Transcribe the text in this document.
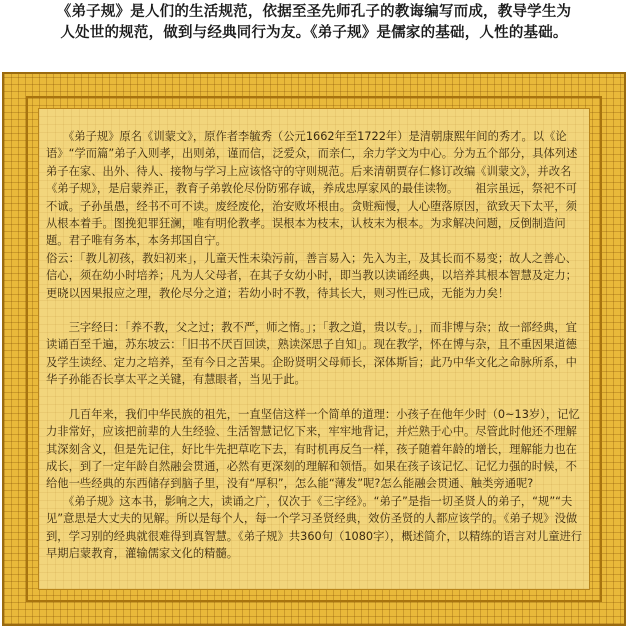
《弟子规》是人们的生活规范，依据至圣先师孔子的教诲编写而成，教导学生为
人处世的规范，做到与经典同行为友。《弟子规》是儒家的基础，人性的基础。

　　《弟子规》原名《训蒙文》，原作者李毓秀（公元1662年至1722年）是清朝康熙年间的秀才。以《论语》“学而篇”弟子入则孝，出则弟，谨而信，泛爱众，而亲仁，余力学文为中心。分为五个部分，具体列述弟子在家、出外、待人、接物与学习上应该恪守的守则规范。后来清朝贾存仁修订改编《训蒙文》，并改名《弟子规》，是启蒙养正，教育子弟敦伦尽份防邪存诚，养成忠厚家风的最佳读物。　　祖宗虽远，祭祀不可不诚。子孙虽愚，经书不可不读。废经废伦，治安败坏根由。贪赃痴慢，人心堕落原因，欲致天下太平，须从根本着手。图挽犯罪狂澜，唯有明伦教孝。误根本为枝末，认枝末为根本。为求解决问题，反倒制造问题。君子唯有务本，本务邦国自宁。

俗云：「教儿初孩，教妇初来」，儿童天性未染污前，善言易入；先入为主，及其长而不易变；故人之善心、信心，须在幼小时培养；凡为人父母者，在其子女幼小时，即当教以读诵经典，以培养其根本智慧及定力；更晓以因果报应之理，教伦尽分之道；若幼小时不教，待其长大，则习性已成，无能为力矣！

　　三字经曰：「养不教，父之过；教不严，师之惰。」；「教之道，贵以专。」，而非博与杂；故一部经典，宜读诵百至千遍，苏东坡云：「旧书不厌百回读，熟读深思子自知」。现在教学，怀在博与杂，且不重因果道德及学生读经、定力之培养，至有今日之苦果。企盼贤明父母师长，深体斯旨；此乃中华文化之命脉所系，中华子孙能否长享太平之关键，有慧眼者，当见于此。

　　几百年来，我们中华民族的祖先，一直坚信这样一个简单的道理：小孩子在他年少时（0~13岁），记忆力非常好，应该把前辈的人生经验、生活智慧记忆下来，牢牢地背记，并烂熟于心中。尽管此时他还不理解其深刻含义，但是先记住，好比牛先把草吃下去，有时机再反刍一样，孩子随着年龄的增长，理解能力也在成长，到了一定年龄自然融会贯通，必然有更深刻的理解和领悟。如果在孩子该记忆、记忆力强的时候，不给他一些经典的东西储存到脑子里，没有“厚积”，怎么能“薄发”呢?怎么能融会贯通、触类旁通呢?

　　《弟子规》这本书，影响之大，读诵之广，仅次于《三字经》。“弟子”是指一切圣贤人的弟子，“规”“夫见”意思是大丈夫的见解。所以是每个人，每一个学习圣贤经典，效仿圣贤的人都应该学的。《弟子规》没做到，学习别的经典就很难得到真智慧。《弟子规》共360句（1080字），概述简介，以精练的语言对儿童进行早期启蒙教育，灌输儒家文化的精髓。
